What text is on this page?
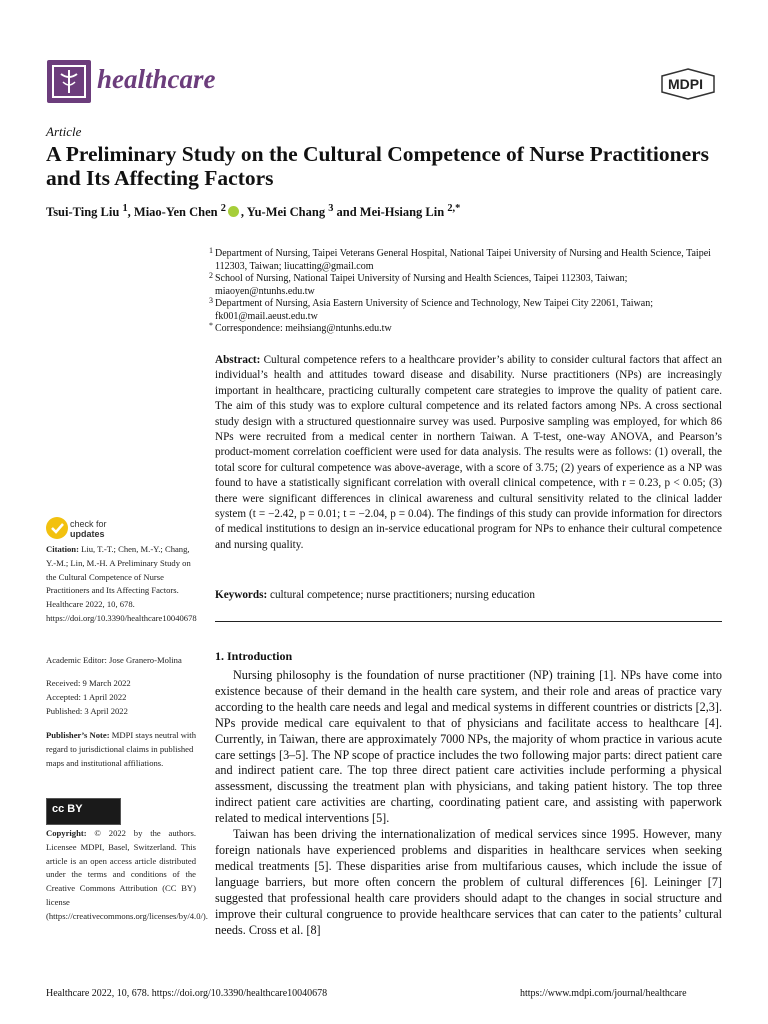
healthcare	MDPI
Article
A Preliminary Study on the Cultural Competence of Nurse Practitioners and Its Affecting Factors
Tsui-Ting Liu $^1$, Miao-Yen Chen $^2$ , Yu-Mei Chang $^3$ and Mei-Hsiang Lin $^{2,*}$
1 Department of Nursing, Taipei Veterans General Hospital, National Taipei University of Nursing and Health Science, Taipei 112303, Taiwan; liucatting@gmail.com
2 School of Nursing, National Taipei University of Nursing and Health Sciences, Taipei 112303, Taiwan; miaoyen@ntunhs.edu.tw
3 Department of Nursing, Asia Eastern University of Science and Technology, New Taipei City 22061, Taiwan; fk001@mail.aeust.edu.tw
* Correspondence: meihsiang@ntunhs.edu.tw
Abstract: Cultural competence refers to a healthcare provider’s ability to consider cultural factors that affect an individual’s health and attitudes toward disease and disability. Nurse practitioners (NPs) are increasingly important in healthcare, practicing culturally competent care strategies to improve the quality of patient care. The aim of this study was to explore cultural competence and its related factors among NPs. A cross sectional study design with a structured questionnaire survey was used. Purposive sampling was employed, for which 86 NPs were recruited from a medical center in northern Taiwan. A T-test, one-way ANOVA, and Pearson’s product-moment correlation coefficient were used for data analysis. The results were as follows: (1) overall, the total score for cultural competence was above-average, with a score of 3.75; (2) years of experience as a NP was found to have a statistically significant correlation with overall clinical competence, with r = 0.23, p < 0.05; (3) there were significant differences in clinical awareness and cultural sensitivity related to the clinical ladder system (t = −2.42, p = 0.01; t = −2.04, p = 0.04). The findings of this study can provide information for directors of medical institutions to design an in-service educational program for NPs to enhance their cultural competence and nursing quality.
Keywords: cultural competence; nurse practitioners; nursing education
1. Introduction

Nursing philosophy is the foundation of nurse practitioner (NP) training [1]. NPs have come into existence because of their demand in the health care system, and their role and areas of practice vary according to the health care needs and legal and medical systems in different countries or districts [2,3]. NPs provide medical care equivalent to that of physicians and facilitate access to healthcare [4]. Currently, in Taiwan, there are approximately 7000 NPs, the majority of whom practice in various acute care settings [3–5]. The NP scope of practice includes the two following major parts: direct patient care and indirect patient care. The top three direct patient care activities include performing a physical assessment, discussing the treatment plan with physicians, and taking patient history. The top three indirect patient care activities are charting, coordinating patient care, and assisting with paperwork related to medical interventions [5].

Taiwan has been driving the internationalization of medical services since 1995. However, many foreign nationals have experienced problems and disparities in healthcare services when seeking medical treatments [5]. These disparities arise from multifarious causes, which include the issue of language barriers, but more often concern the problem of cultural differences [6]. Leininger [7] suggested that professional health care providers should adapt to the changes in social structure and improve their cultural congruence to provide healthcare services that can cater to the patients’ cultural needs. Cross et al. [8]

check for
updates
Citation: Liu, T.-T.; Chen, M.-Y.; Chang, Y.-M.; Lin, M.-H. A Preliminary Study on the Cultural Competence of Nurse Practitioners and Its Affecting Factors. Healthcare 2022, 10, 678. https://doi.org/10.3390/healthcare10040678
Academic Editor: Jose Granero-Molina
Received: 9 March 2022
Accepted: 1 April 2022
Published: 3 April 2022
Publisher’s Note: MDPI stays neutral with regard to jurisdictional claims in published maps and institutional affiliations.
cc BY
Copyright: © 2022 by the authors. Licensee MDPI, Basel, Switzerland. This article is an open access article distributed under the terms and conditions of the Creative Commons Attribution (CC BY) license (https://creativecommons.org/licenses/by/4.0/).
Healthcare 2022, 10, 678. https://doi.org/10.3390/healthcare10040678	https://www.mdpi.com/journal/healthcare
